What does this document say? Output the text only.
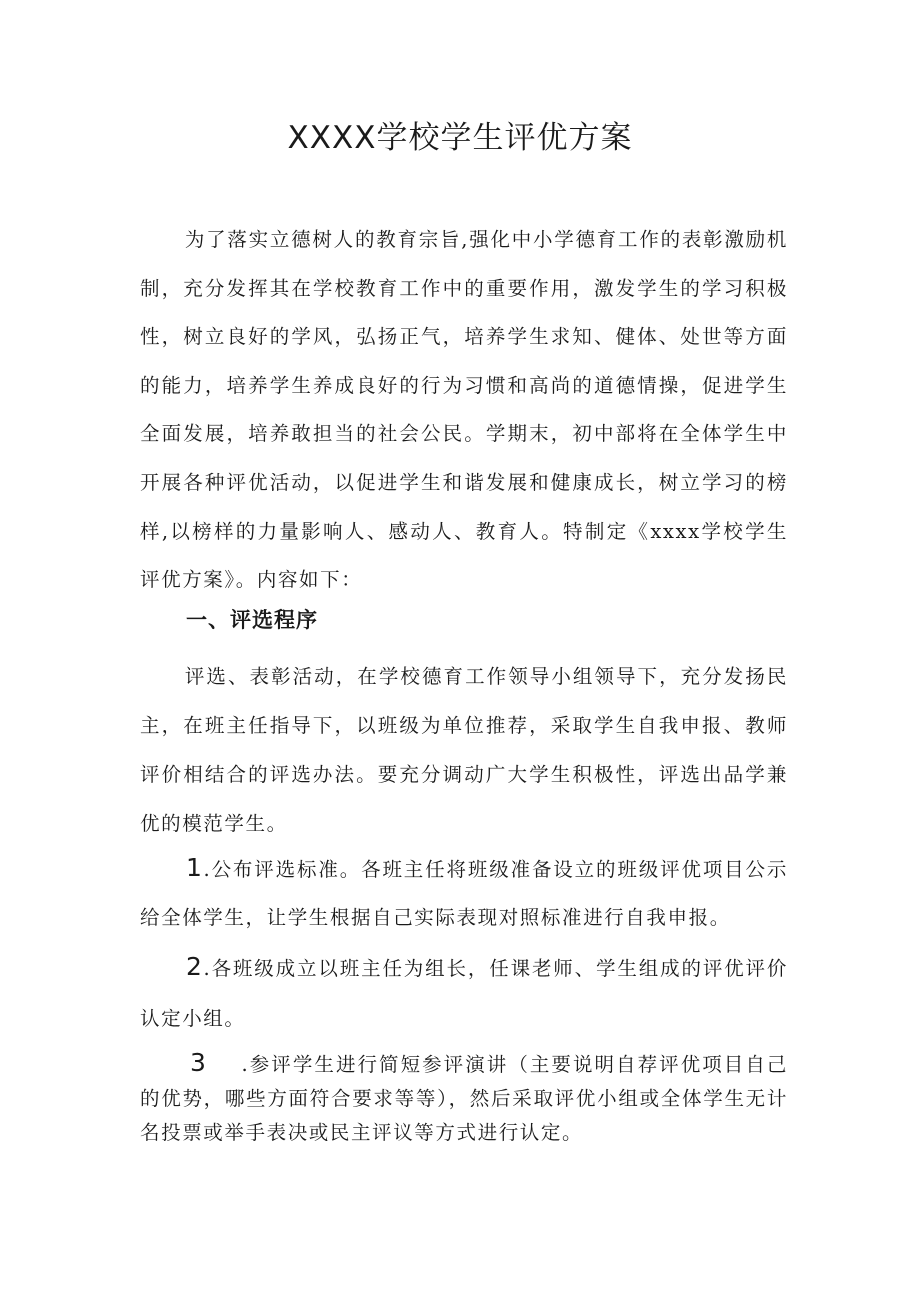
XXXX学校学生评优方案

为了落实立德树人的教育宗旨,强化中小学德育工作的表彰激励机制，充分发挥其在学校教育工作中的重要作用，激发学生的学习积极性，树立良好的学风，弘扬正气，培养学生求知、健体、处世等方面的能力，培养学生养成良好的行为习惯和高尚的道德情操，促进学生全面发展，培养敢担当的社会公民。学期末，初中部将在全体学生中开展各种评优活动，以促进学生和谐发展和健康成长，树立学习的榜样,以榜样的力量影响人、感动人、教育人。特制定《xxxx学校学生评优方案》。内容如下：

一、评选程序

评选、表彰活动，在学校德育工作领导小组领导下，充分发扬民主，在班主任指导下，以班级为单位推荐，采取学生自我申报、教师评价相结合的评选办法。要充分调动广大学生积极性，评选出品学兼优的模范学生。

1.公布评选标准。各班主任将班级准备设立的班级评优项目公示给全体学生，让学生根据自己实际表现对照标准进行自我申报。

2.各班级成立以班主任为组长，任课老师、学生组成的评优评价认定小组。

3 .参评学生进行简短参评演讲（主要说明自荐评优项目自己的优势，哪些方面符合要求等等），然后采取评优小组或全体学生无计名投票或举手表决或民主评议等方式进行认定。
